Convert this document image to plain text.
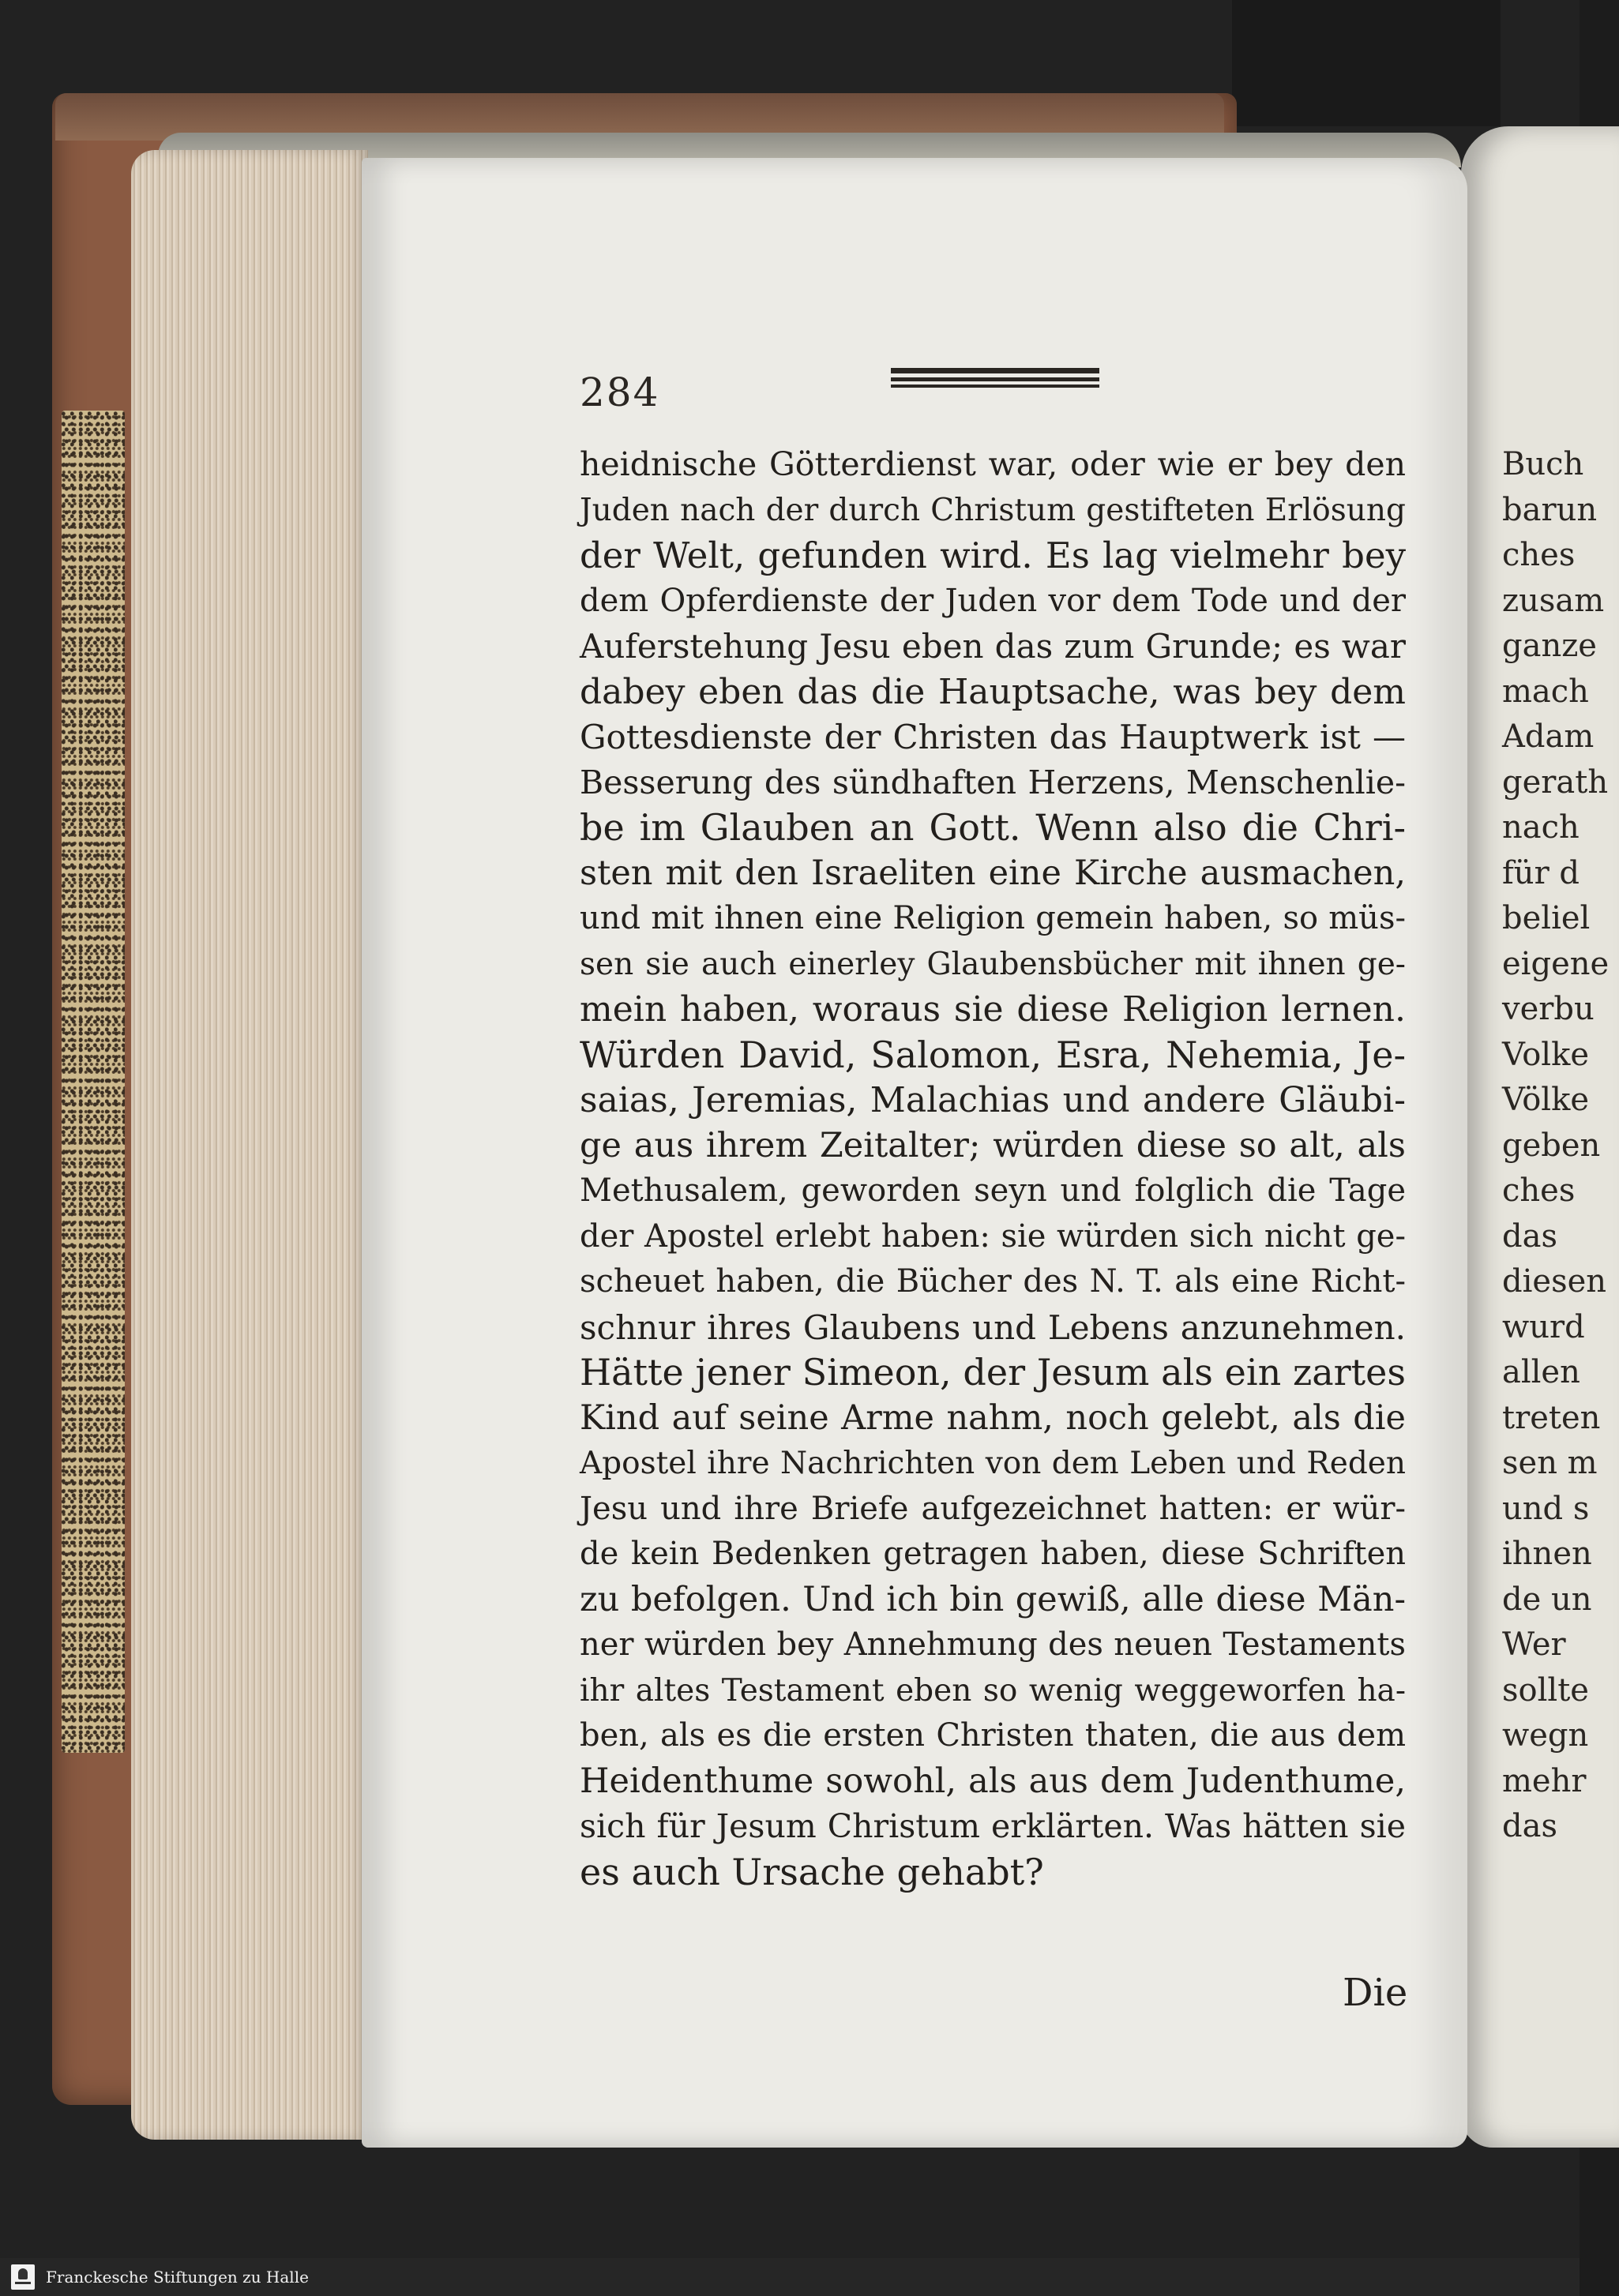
284
heidnische Götterdienst war, oder wie er bey den
Juden nach der durch Christum gestifteten Erlösung
der Welt, gefunden wird. Es lag vielmehr bey
dem Opferdienste der Juden vor dem Tode und der
Auferstehung Jesu eben das zum Grunde; es war
dabey eben das die Hauptsache, was bey dem
Gottesdienste der Christen das Hauptwerk ist —
Besserung des sündhaften Herzens, Menschenlie-
be im Glauben an Gott. Wenn also die Chri-
sten mit den Israeliten eine Kirche ausmachen,
und mit ihnen eine Religion gemein haben, so müs-
sen sie auch einerley Glaubensbücher mit ihnen ge-
mein haben, woraus sie diese Religion lernen.
Würden David, Salomon, Esra, Nehemia, Je-
saias, Jeremias, Malachias und andere Gläubi-
ge aus ihrem Zeitalter; würden diese so alt, als
Methusalem, geworden seyn und folglich die Tage
der Apostel erlebt haben: sie würden sich nicht ge-
scheuet haben, die Bücher des N. T. als eine Richt-
schnur ihres Glaubens und Lebens anzunehmen.
Hätte jener Simeon, der Jesum als ein zartes
Kind auf seine Arme nahm, noch gelebt, als die
Apostel ihre Nachrichten von dem Leben und Reden
Jesu und ihre Briefe aufgezeichnet hatten: er wür-
de kein Bedenken getragen haben, diese Schriften
zu befolgen. Und ich bin gewiß, alle diese Män-
ner würden bey Annehmung des neuen Testaments
ihr altes Testament eben so wenig weggeworfen ha-
ben, als es die ersten Christen thaten, die aus dem
Heidenthume sowohl, als aus dem Judenthume,
sich für Jesum Christum erklärten. Was hätten sie
es auch Ursache gehabt?
Die
Buch
barun
ches
zusam
ganze
mach
Adam
gerath
nach
für d
beliel
eigene
verbu
Volke
Völke
geben
ches
das
diesen
wurd
allen
treten
sen m
und s
ihnen
de un
Wer
sollte
wegn
mehr
das
Franckesche Stiftungen zu Halle
